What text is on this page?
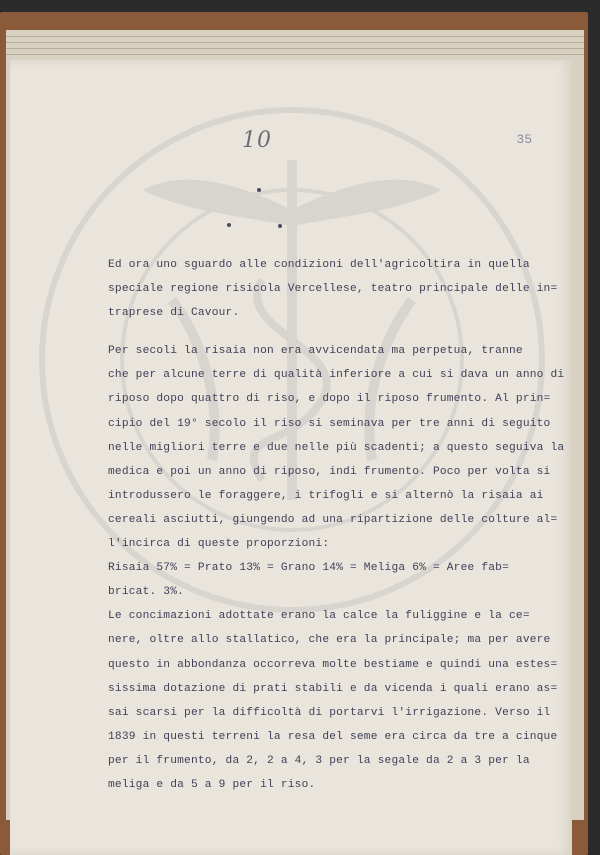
10	35
Ed ora uno sguardo alle condizioni dell'agricoltira in quella
speciale regione risicola Vercellese, teatro principale delle in=
traprese di Cavour.
Per secoli la risaia non era avvicendata ma perpetua, tranne
che per alcune terre di qualità inferiore a cui si dava un anno di
riposo dopo quattro di riso, e dopo il riposo frumento. Al prin=
cipio del 19° secolo il riso si seminava per tre anni di seguito
nelle migliori terre e due nelle più scadenti; a questo seguiva la
medica e poi un anno di riposo, indi frumento. Poco per volta si
introdussero le foraggere, i trifogli e si alternò la risaia ai
cereali asciutti, giungendo ad una ripartizione delle colture al=
l'incirca di queste proporzioni:
Risaia 57% = Prato 13% = Grano 14% = Meliga 6% = Aree fab=
bricat. 3%.
Le concimazioni adottate erano la calce la fuliggine e la ce=
nere, oltre allo stallatico, che era la principale; ma per avere
questo in abbondanza occorreva molte bestiame e quindi una estes=
sissima dotazione di prati stabili e da vicenda i quali erano as=
sai scarsi per la difficoltà di portarvi l'irrigazione. Verso il
1839 in questi terreni la resa del seme era circa da tre a cinque
per il frumento, da 2, 2 a 4, 3 per la segale da 2 a 3 per la
meliga e da 5 a 9 per il riso.
